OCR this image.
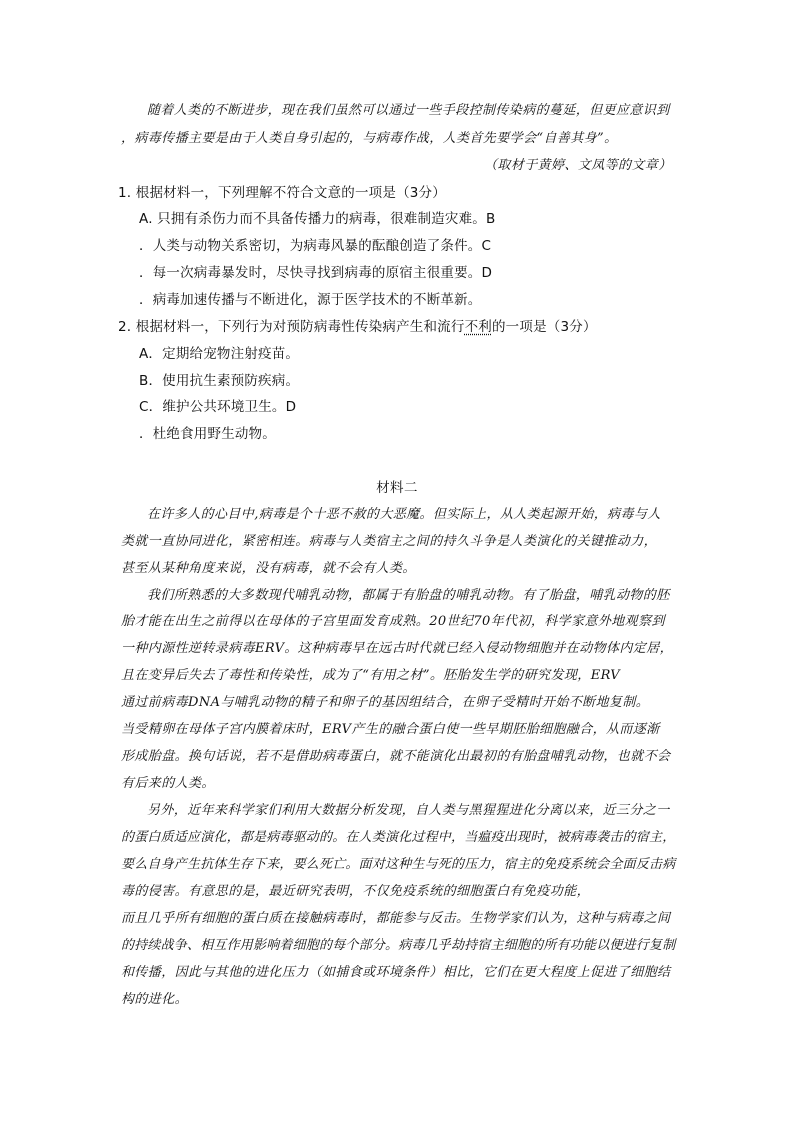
随着人类的不断进步，现在我们虽然可以通过一些手段控制传染病的蔓延，但更应意识到
，病毒传播主要是由于人类自身引起的，与病毒作战，人类首先要学会“自善其身”。
（取材于黄婷、文凤等的文章）
1. 根据材料一，下列理解不符合文意的一项是（3分）
A. 只拥有杀伤力而不具备传播力的病毒，很难制造灾难。B
．人类与动物关系密切，为病毒风暴的酝酿创造了条件。C
．每一次病毒暴发时，尽快寻找到病毒的原宿主很重要。D
．病毒加速传播与不断进化，源于医学技术的不断革新。
2. 根据材料一，下列行为对预防病毒性传染病产生和流行不利的一项是（3分）
A．定期给宠物注射疫苗。
B．使用抗生素预防疾病。
C．维护公共环境卫生。D
．杜绝食用野生动物。
材料二
在许多人的心目中,病毒是个十恶不赦的大恶魔。但实际上，从人类起源开始，病毒与人
类就一直协同进化，紧密相连。病毒与人类宿主之间的持久斗争是人类演化的关键推动力，
甚至从某种角度来说，没有病毒，就不会有人类。
我们所熟悉的大多数现代哺乳动物，都属于有胎盘的哺乳动物。有了胎盘，哺乳动物的胚
胎才能在出生之前得以在母体的子宫里面发育成熟。20世纪70年代初，科学家意外地观察到
一种内源性逆转录病毒ERV。这种病毒早在远古时代就已经入侵动物细胞并在动物体内定居，
且在变异后失去了毒性和传染性，成为了“有用之材”。胚胎发生学的研究发现，ERV
通过前病毒DNA与哺乳动物的精子和卵子的基因组结合，在卵子受精时开始不断地复制。
当受精卵在母体子宫内膜着床时，ERV产生的融合蛋白使一些早期胚胎细胞融合，从而逐渐
形成胎盘。换句话说，若不是借助病毒蛋白，就不能演化出最初的有胎盘哺乳动物，也就不会
有后来的人类。
另外，近年来科学家们利用大数据分析发现，自人类与黑猩猩进化分离以来，近三分之一
的蛋白质适应演化，都是病毒驱动的。在人类演化过程中，当瘟疫出现时，被病毒袭击的宿主，
要么自身产生抗体生存下来，要么死亡。面对这种生与死的压力，宿主的免疫系统会全面反击病
毒的侵害。有意思的是，最近研究表明，不仅免疫系统的细胞蛋白有免疫功能，
而且几乎所有细胞的蛋白质在接触病毒时，都能参与反击。生物学家们认为，这种与病毒之间
的持续战争、相互作用影响着细胞的每个部分。病毒几乎劫持宿主细胞的所有功能以便进行复制
和传播，因此与其他的进化压力（如捕食或环境条件）相比，它们在更大程度上促进了细胞结
构的进化。
